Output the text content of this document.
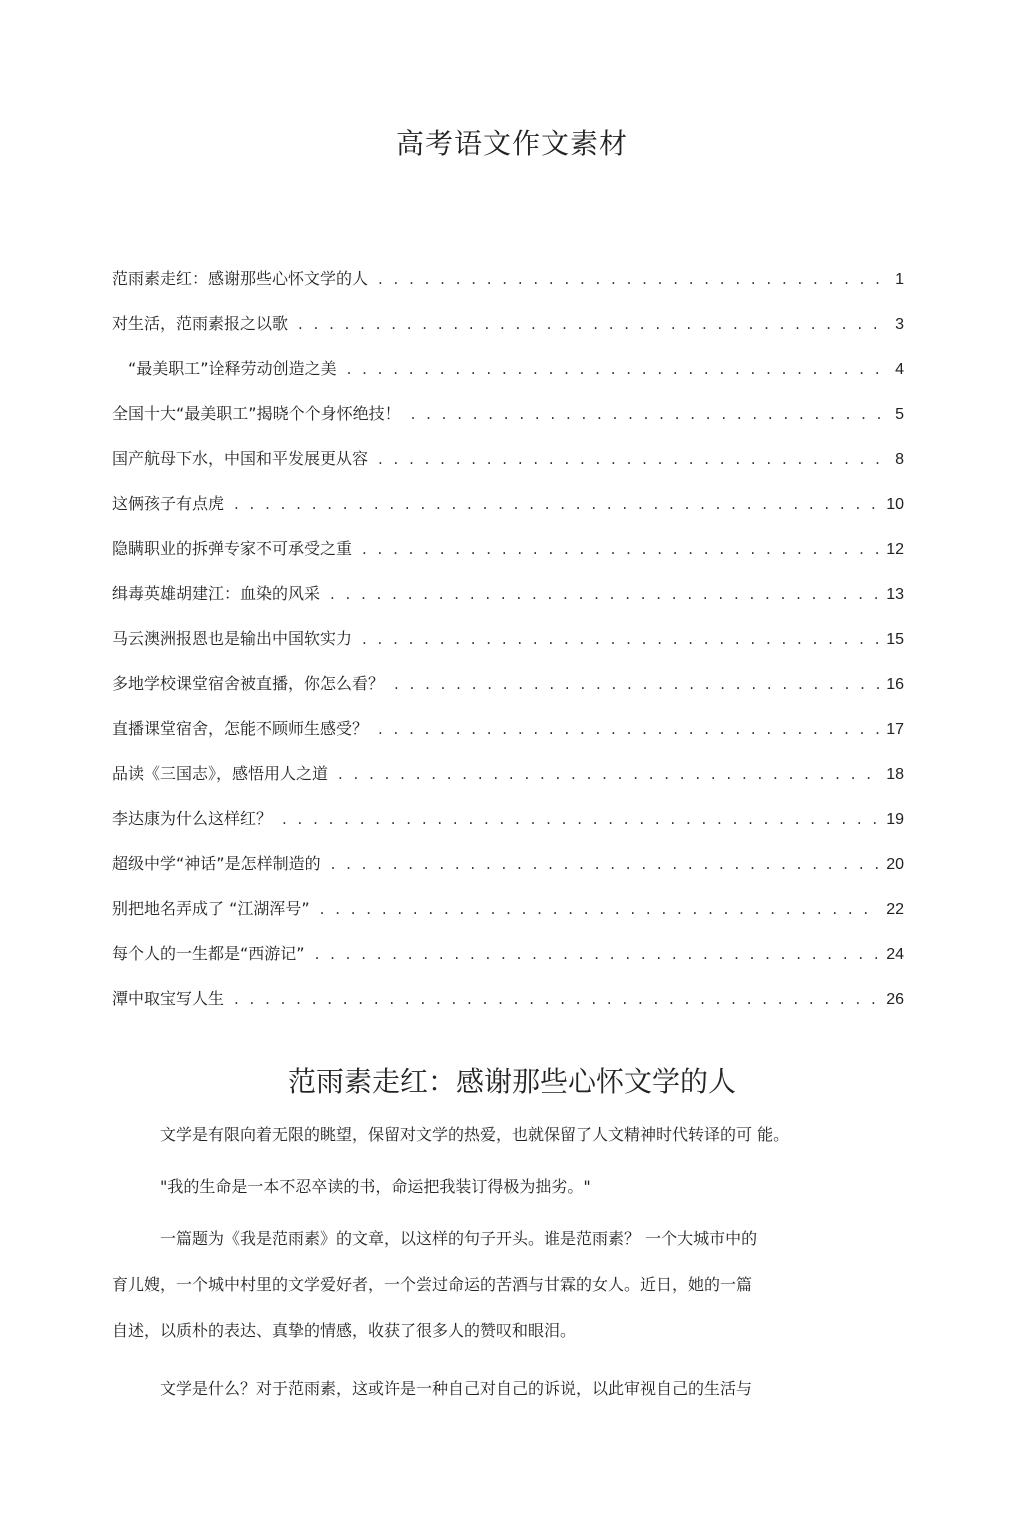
高考语文作文素材
范雨素走红：感谢那些心怀文学的人 . . .	1
对生活，范雨素报之以歌 . . .	3
“最美职工”诠释劳动创造之美 . . .	4
全国十大“最美职工”揭晓个个身怀绝技！ . . .	5
国产航母下水，中国和平发展更从容 . . .	8
这俩孩子有点虎 . . .	10
隐瞒职业的拆弹专家不可承受之重 . . .	12
缉毒英雄胡建江：血染的风采 . . .	13
马云澳洲报恩也是输出中国软实力 . . .	15
多地学校课堂宿舍被直播，你怎么看？ . . .	16
直播课堂宿舍，怎能不顾师生感受？ . . .	17
品读《三国志》，感悟用人之道 . . .	18
李达康为什么这样红？ . . .	19
超级中学“神话”是怎样制造的 . . .	20
别把地名弄成了 “江湖浑号” . . .	22
每个人的一生都是“西游记” . . .	24
潭中取宝写人生 . . .	26
范雨素走红：感谢那些心怀文学的人

文学是有限向着无限的眺望，保留对文学的热爱，也就保留了人文精神时代转译的可 能。

"我的生命是一本不忍卒读的书，命运把我装订得极为拙劣。"

一篇题为《我是范雨素》的文章，以这样的句子开头。谁是范雨素？ 一个大城市中的
育儿嫂，一个城中村里的文学爱好者，一个尝过命运的苦酒与甘霖的女人。近日，她的一篇
自述，以质朴的表达、真挚的情感，收获了很多人的赞叹和眼泪。

文学是什么？对于范雨素，这或许是一种自己对自己的诉说，以此审视自己的生活与
